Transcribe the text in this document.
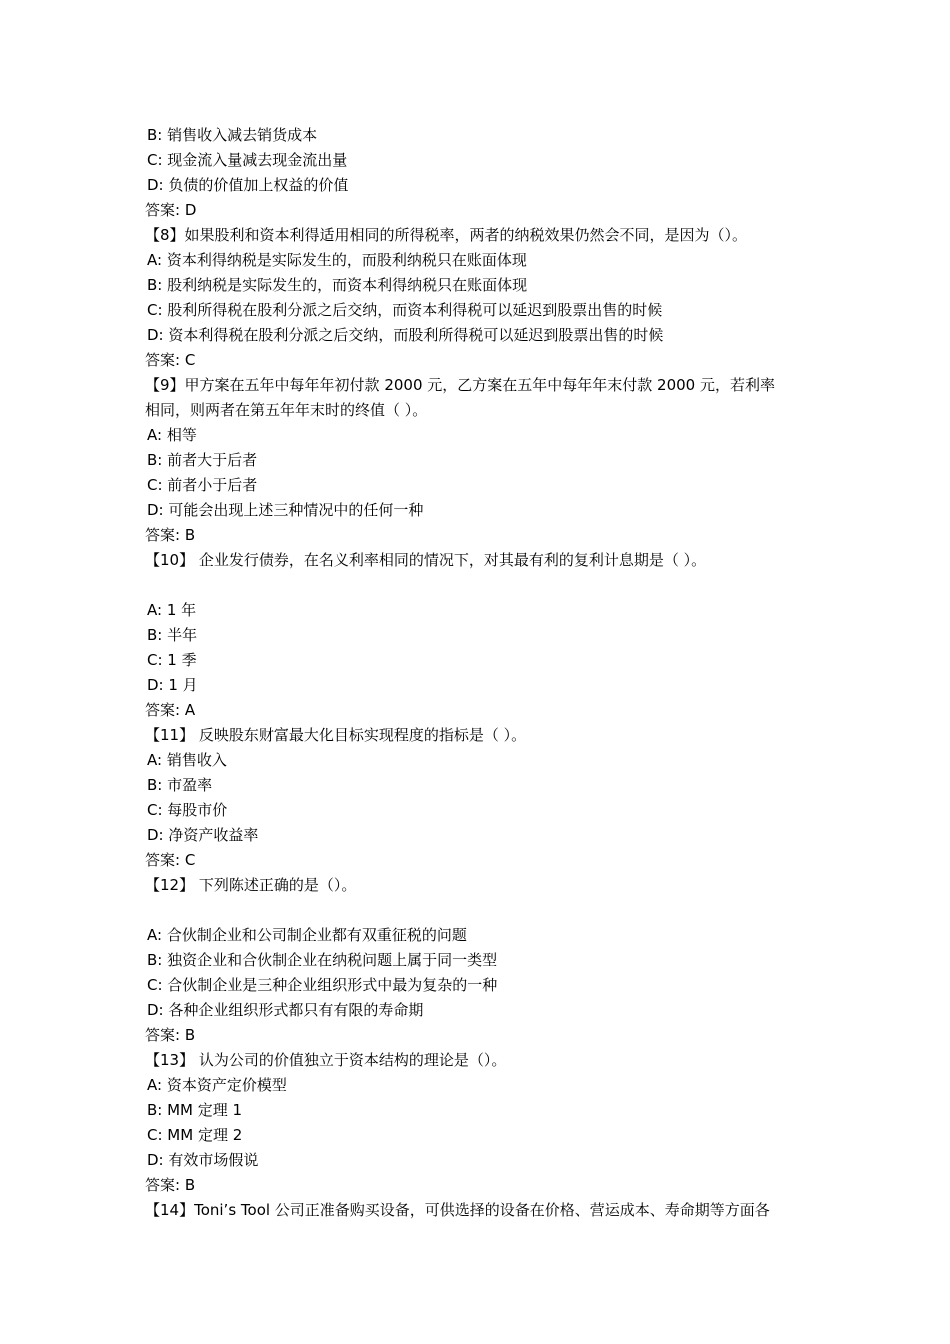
B: 销售收入减去销货成本
C: 现金流入量减去现金流出量
D: 负债的价值加上权益的价值
答案: D
【8】如果股利和资本利得适用相同的所得税率，两者的纳税效果仍然会不同，是因为（）。
A: 资本利得纳税是实际发生的，而股利纳税只在账面体现
B: 股利纳税是实际发生的，而资本利得纳税只在账面体现
C: 股利所得税在股利分派之后交纳，而资本利得税可以延迟到股票出售的时候
D: 资本利得税在股利分派之后交纳，而股利所得税可以延迟到股票出售的时候
答案: C
【9】甲方案在五年中每年年初付款 2000 元，乙方案在五年中每年年末付款 2000 元，若利率
相同，则两者在第五年年末时的终值（ ）。
A: 相等
B: 前者大于后者
C: 前者小于后者
D: 可能会出现上述三种情况中的任何一种
答案: B
【10】 企业发行债券，在名义利率相同的情况下，对其最有利的复利计息期是（ ）。
A: 1 年
B: 半年
C: 1 季
D: 1 月
答案: A
【11】 反映股东财富最大化目标实现程度的指标是（ ）。
A: 销售收入
B: 市盈率
C: 每股市价
D: 净资产收益率
答案: C
【12】 下列陈述正确的是（）。
A: 合伙制企业和公司制企业都有双重征税的问题
B: 独资企业和合伙制企业在纳税问题上属于同一类型
C: 合伙制企业是三种企业组织形式中最为复杂的一种
D: 各种企业组织形式都只有有限的寿命期
答案: B
【13】 认为公司的价值独立于资本结构的理论是（）。
A: 资本资产定价模型
B: MM 定理 1
C: MM 定理 2
D: 有效市场假说
答案: B
【14】Toni’s Tool 公司正准备购买设备，可供选择的设备在价格、营运成本、寿命期等方面各
